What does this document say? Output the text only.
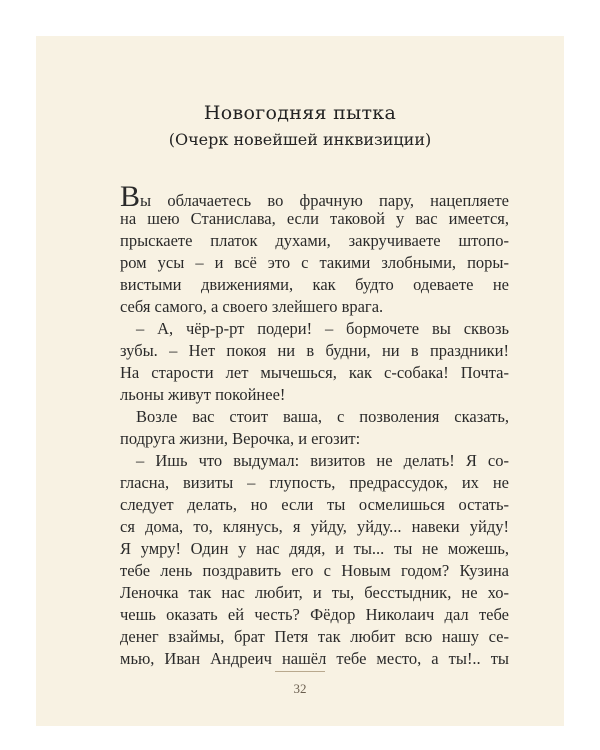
Новогодняя пытка
(Очерк новейшей инквизиции)
Вы облачаетесь во фрачную пару, нацепляете
на шею Станислава, если таковой у вас имеется,
прыскаете платок духами, закручиваете штопо-
ром усы – и всё это с такими злобными, поры-
вистыми движениями, как будто одеваете не
себя самого, а своего злейшего врага.
– А, чёр-р-рт подери! – бормочете вы сквозь
зубы. – Нет покоя ни в будни, ни в праздники!
На старости лет мычешься, как с-собака! Почта-
льоны живут покойнее!
Возле вас стоит ваша, с позволения сказать,
подруга жизни, Верочка, и егозит:
– Ишь что выдумал: визитов не делать! Я со-
гласна, визиты – глупость, предрассудок, их не
следует делать, но если ты осмелишься остать-
ся дома, то, клянусь, я уйду, уйду... навеки уйду!
Я умру! Один у нас дядя, и ты... ты не можешь,
тебе лень поздравить его с Новым годом? Кузина
Леночка так нас любит, и ты, бесстыдник, не хо-
чешь оказать ей честь? Фёдор Николаич дал тебе
денег взаймы, брат Петя так любит всю нашу се-
мью, Иван Андреич нашёл тебе место, а ты!.. ты
32
